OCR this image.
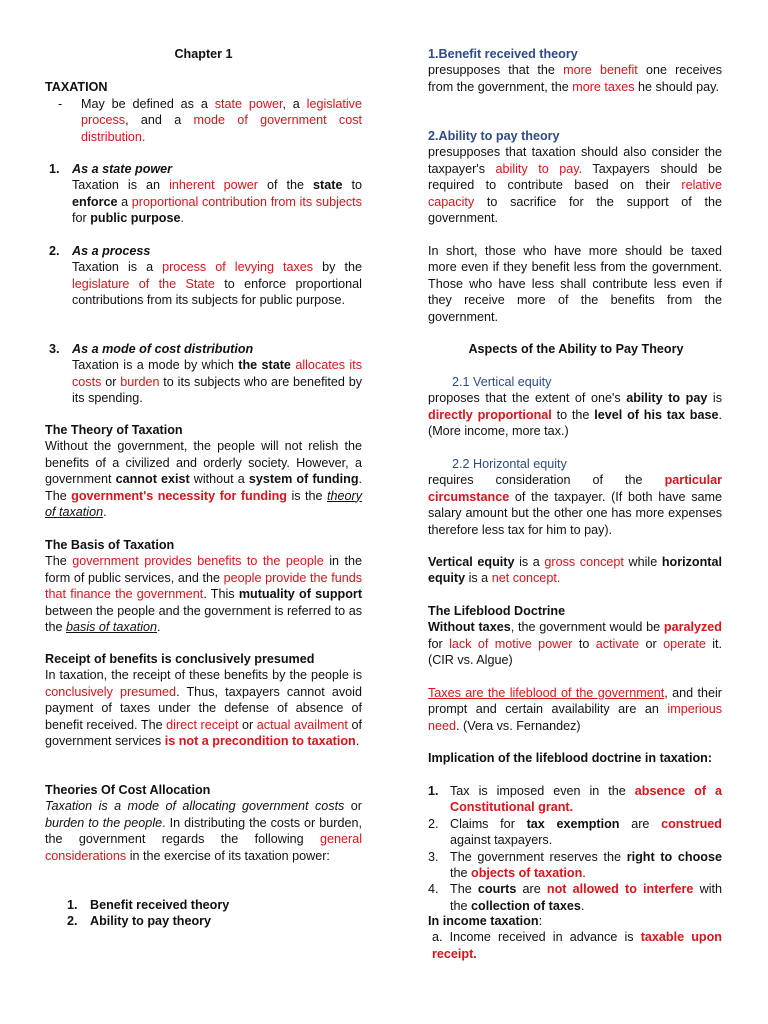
Chapter 1
TAXATION
- May be defined as a state power, a legislative process, and a mode of government cost distribution.

1. As a state power

Taxation is an inherent power of the state to enforce a proportional contribution from its subjects for public purpose.

2. As a process

Taxation is a process of levying taxes by the legislature of the State to enforce proportional contributions from its subjects for public purpose.

3. As a mode of cost distribution

Taxation is a mode by which the state allocates its costs or burden to its subjects who are benefited by its spending.

The Theory of Taxation

Without the government, the people will not relish the benefits of a civilized and orderly society. However, a government cannot exist without a system of funding. The government's necessity for funding is the theory of taxation.

The Basis of Taxation

The government provides benefits to the people in the form of public services, and the people provide the funds that finance the government. This mutuality of support between the people and the government is referred to as the basis of taxation.

Receipt of benefits is conclusively presumed

In taxation, the receipt of these benefits by the people is conclusively presumed. Thus, taxpayers cannot avoid payment of taxes under the defense of absence of benefit received. The direct receipt or actual availment of government services is not a precondition to taxation.

Theories Of Cost Allocation

Taxation is a mode of allocating government costs or burden to the people. In distributing the costs or burden, the government regards the following general considerations in the exercise of its taxation power:

1. Benefit received theory
2. Ability to pay theory
1.Benefit received theory

presupposes that the more benefit one receives from the government, the more taxes he should pay.

2.Ability to pay theory

presupposes that taxation should also consider the taxpayer's ability to pay. Taxpayers should be required to contribute based on their relative capacity to sacrifice for the support of the government.

In short, those who have more should be taxed more even if they benefit less from the government. Those who have less shall contribute less even if they receive more of the benefits from the government.

Aspects of the Ability to Pay Theory
2.1 Vertical equity

proposes that the extent of one's ability to pay is directly proportional to the level of his tax base. (More income, more tax.)

2.2 Horizontal equity

requires consideration of the particular circumstance of the taxpayer. (If both have same salary amount but the other one has more expenses therefore less tax for him to pay).

Vertical equity is a gross concept while horizontal equity is a net concept.

The Lifeblood Doctrine

Without taxes, the government would be paralyzed for lack of motive power to activate or operate it. (CIR vs. Algue)

Taxes are the lifeblood of the government, and their prompt and certain availability are an imperious need. (Vera vs. Fernandez)

Implication of the lifeblood doctrine in taxation:

1. Tax is imposed even in the absence of a Constitutional grant.

2. Claims for tax exemption are construed against taxpayers.

3. The government reserves the right to choose the objects of taxation.

4. The courts are not allowed to interfere with the collection of taxes.

In income taxation:

a. Income received in advance is taxable upon receipt.
